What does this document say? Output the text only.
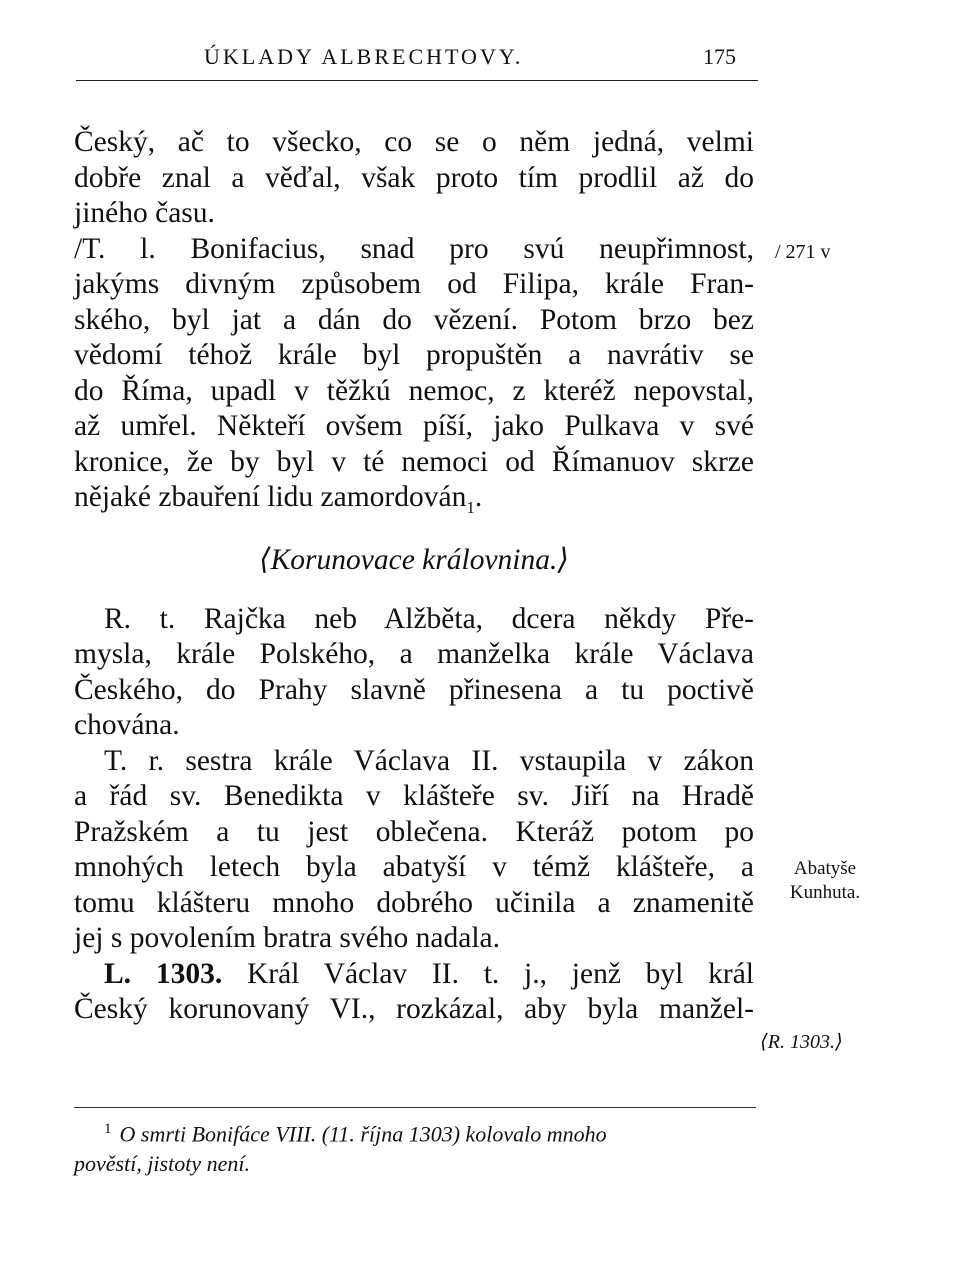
ÚKLADY ALBRECHTOVY.	175
Český, ač to všecko, co se o něm jedná, velmi
dobře znal a věďal, však proto tím prodlil až do
jiného času.
/T. l. Bonifacius, snad pro svú neupřimnost,
jakýms divným způsobem od Filipa, krále Fran-
ského, byl jat a dán do vězení. Potom brzo bez
vědomí téhož krále byl propuštěn a navrátiv se
do Říma, upadl v těžkú nemoc, z kteréž nepovstal,
až umřel. Někteří ovšem píší, jako Pulkava v své
kronice, že by byl v té nemoci od Římanuov skrze
nějaké zbauření lidu zamordován$_1$.
⟨Korunovace královnina.⟩
R. t. Rajčka neb Alžběta, dcera někdy Pře-
mysla, krále Polského, a manželka krále Václava
Českého, do Prahy slavně přinesena a tu poctivě
chována.
T. r. sestra krále Václava II. vstaupila v zákon
a řád sv. Benedikta v klášteře sv. Jiří na Hradě
Pražském a tu jest oblečena. Kteráž potom po
mnohých letech byla abatyší v témž klášteře, a
tomu klášteru mnoho dobrého učinila a znamenitě
jej s povolením bratra svého nadala.
L. 1303. Král Václav II. t. j., jenž byl král
Český korunovaný VI., rozkázal, aby byla manžel-
/ 271 v
Abatyše
Kunhuta.
⟨R. 1303.⟩
$^1$ O smrti Bonifáce VIII. (11. října 1303) kolovalo mnoho
pověstí, jistoty není.
